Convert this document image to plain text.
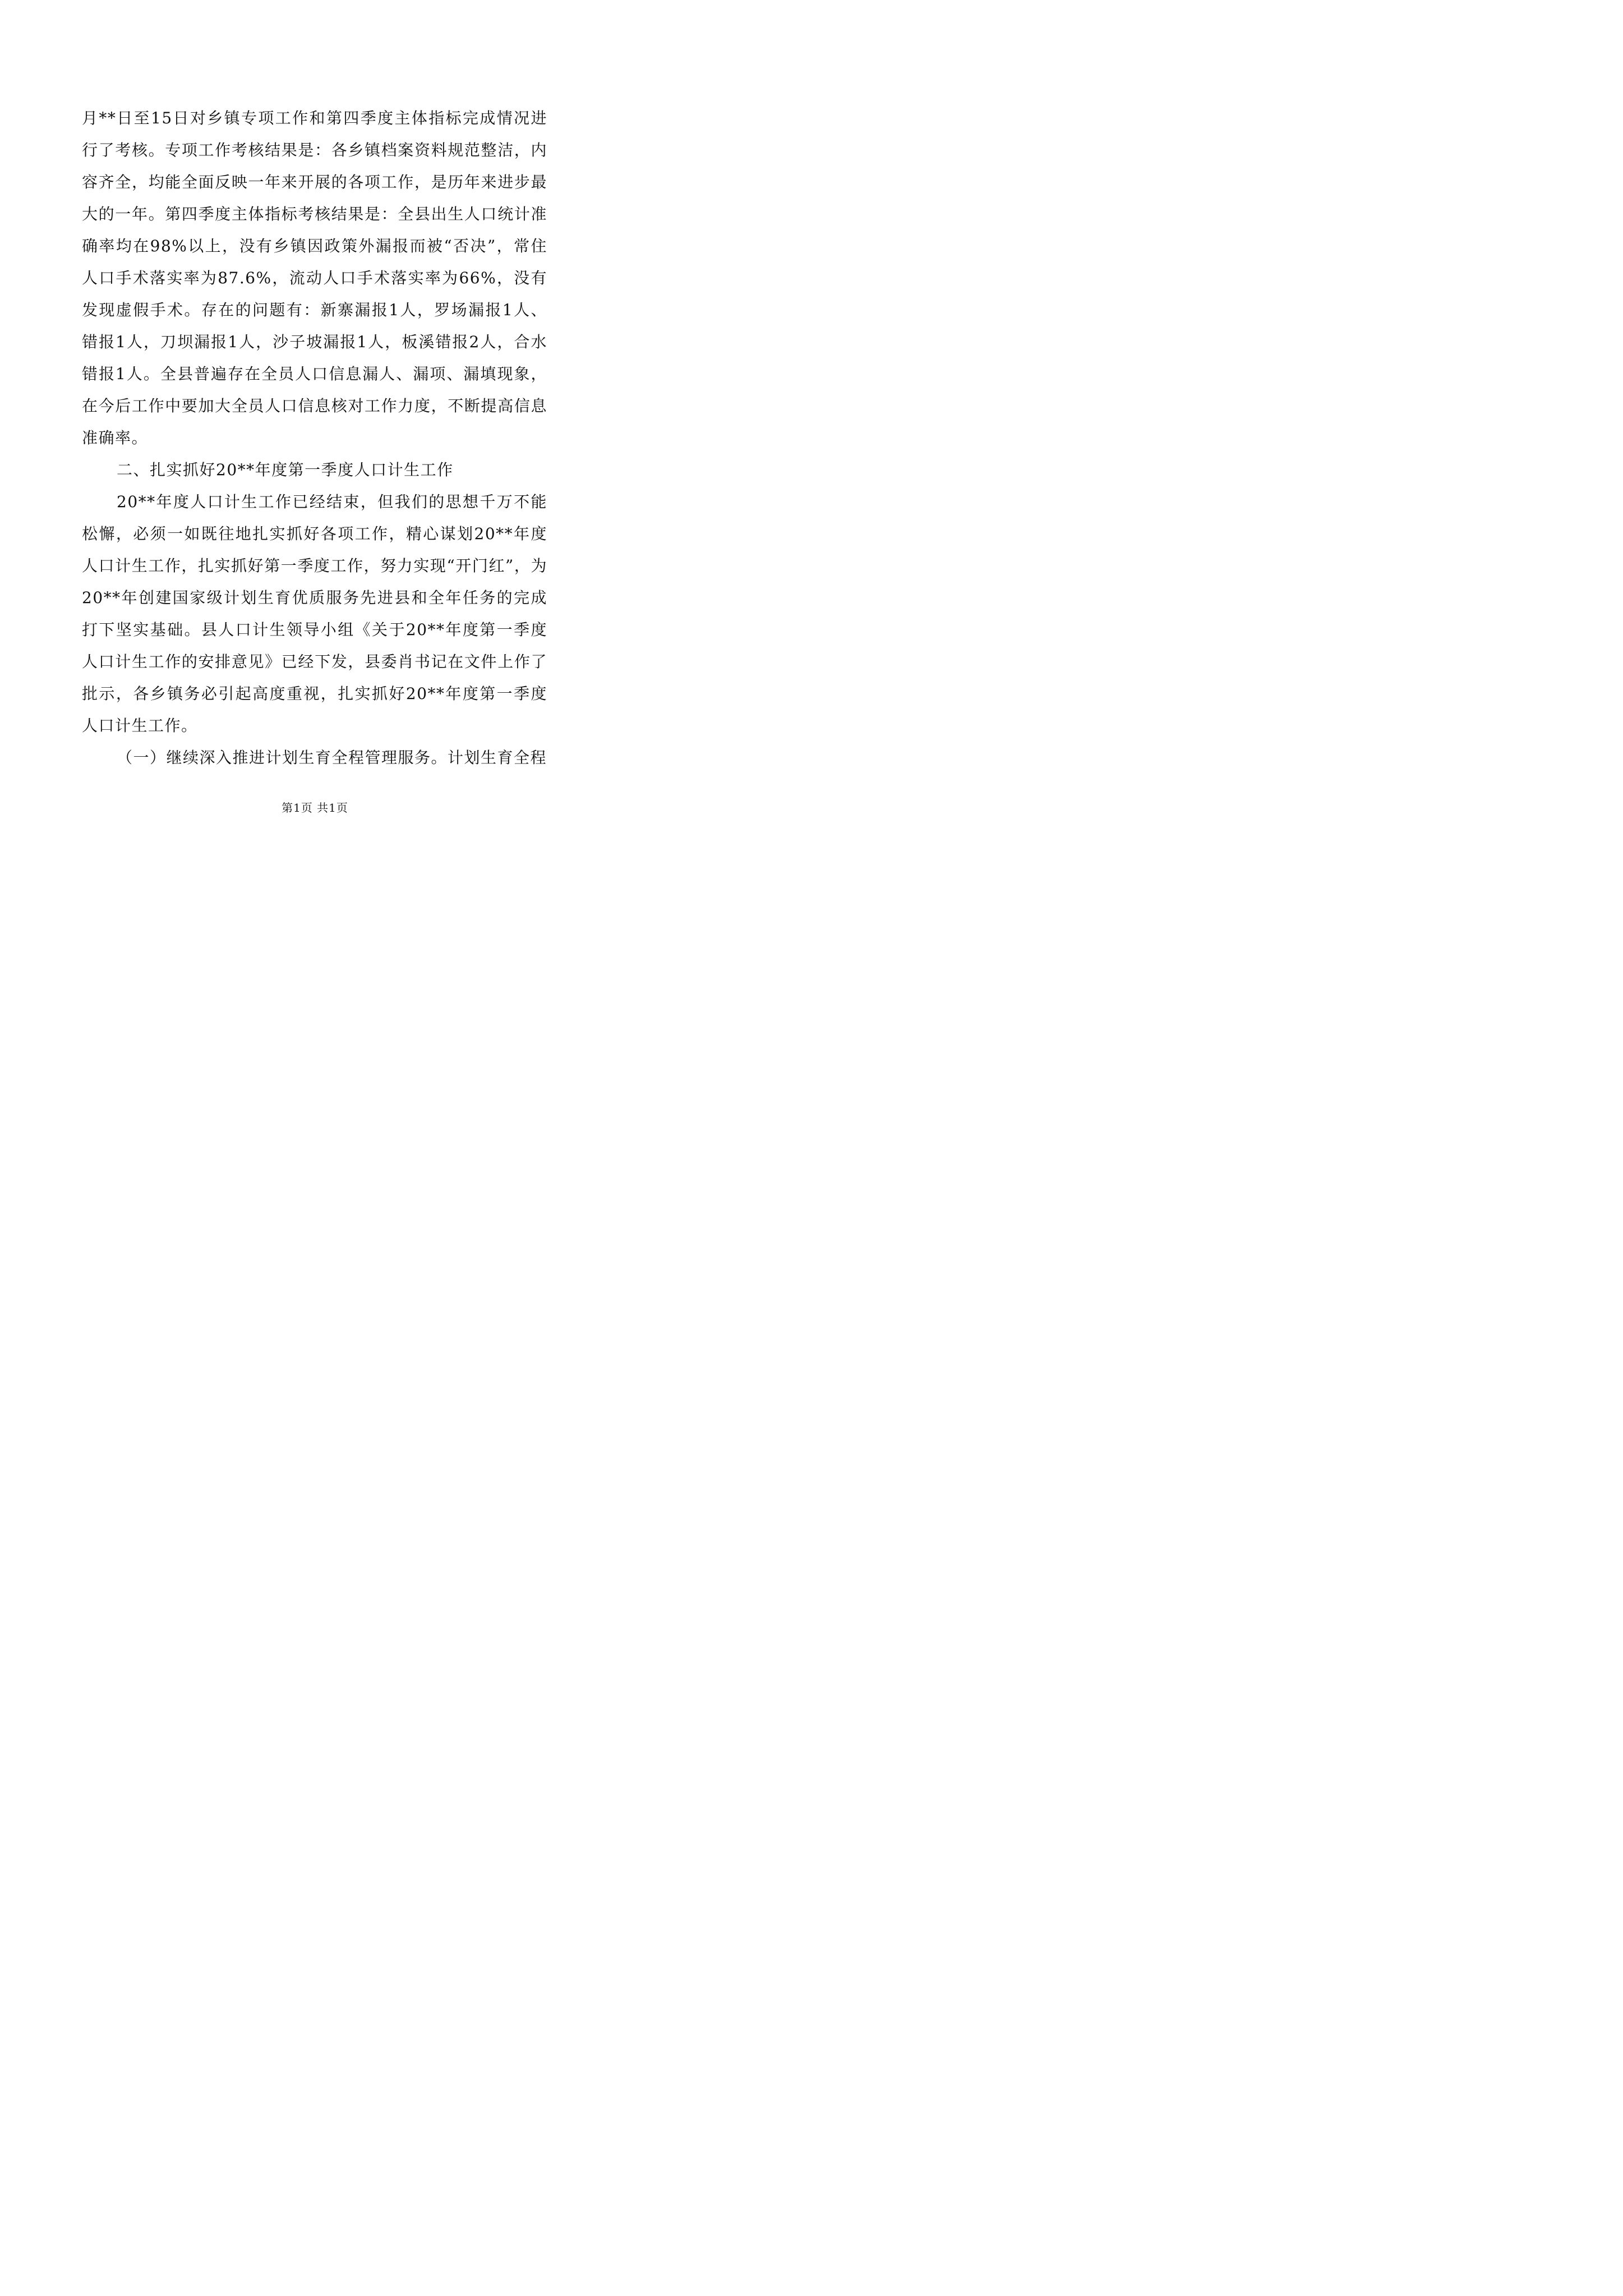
月**日至15日对乡镇专项工作和第四季度主体指标完成情况进行了考核。专项工作考核结果是：各乡镇档案资料规范整洁，内容齐全，均能全面反映一年来开展的各项工作，是历年来进步最大的一年。第四季度主体指标考核结果是：全县出生人口统计准确率均在98%以上，没有乡镇因政策外漏报而被“否决”，常住人口手术落实率为87.6%，流动人口手术落实率为66%，没有发现虚假手术。存在的问题有：新寨漏报1人，罗场漏报1人、错报1人，刀坝漏报1人，沙子坡漏报1人，板溪错报2人，合水错报1人。全县普遍存在全员人口信息漏人、漏项、漏填现象，在今后工作中要加大全员人口信息核对工作力度，不断提高信息准确率。

二、扎实抓好20**年度第一季度人口计生工作

20**年度人口计生工作已经结束，但我们的思想千万不能松懈，必须一如既往地扎实抓好各项工作，精心谋划20**年度人口计生工作，扎实抓好第一季度工作，努力实现“开门红”，为20**年创建国家级计划生育优质服务先进县和全年任务的完成打下坚实基础。县人口计生领导小组《关于20**年度第一季度人口计生工作的安排意见》已经下发，县委肖书记在文件上作了批示，各乡镇务必引起高度重视，扎实抓好20**年度第一季度人口计生工作。

（一）继续深入推进计划生育全程管理服务。计划生育全程

第1页 共1页
